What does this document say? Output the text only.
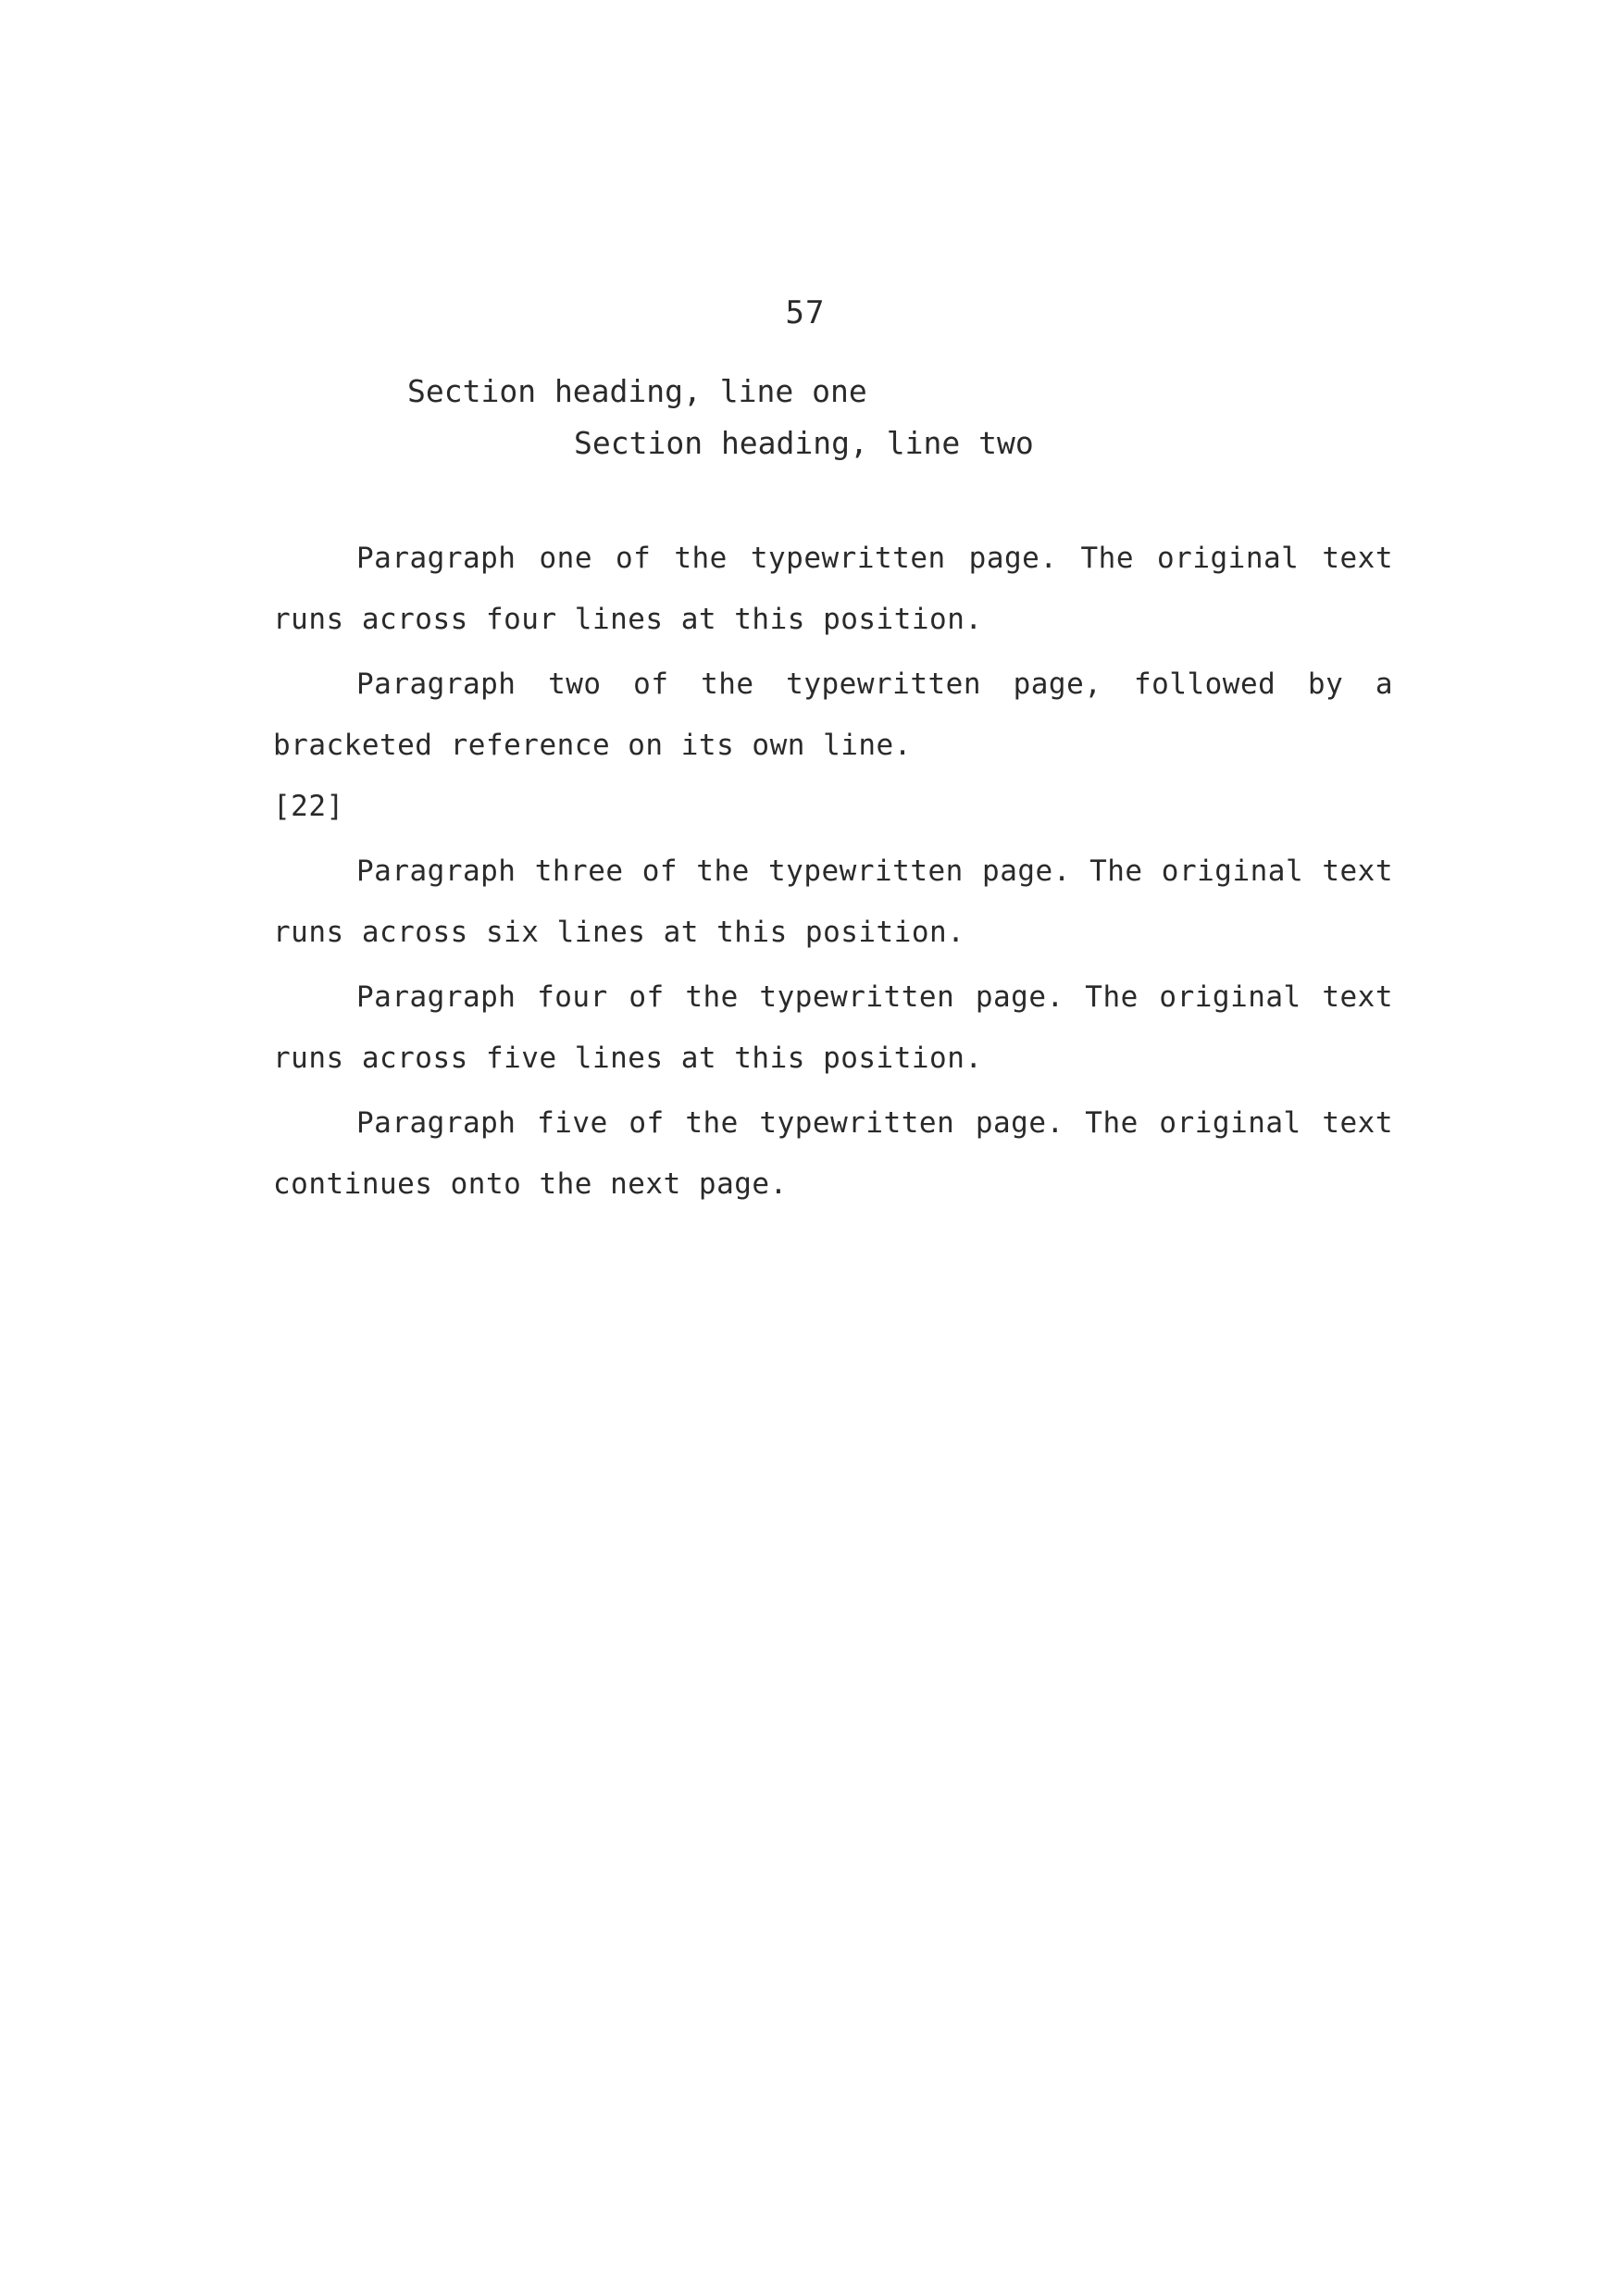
57
Section heading, line one
Section heading, line two

Paragraph one of the typewritten page. The original text runs across four lines at this position.

Paragraph two of the typewritten page, followed by a bracketed reference on its own line.
[22]

Paragraph three of the typewritten page. The original text runs across six lines at this position.

Paragraph four of the typewritten page. The original text runs across five lines at this position.

Paragraph five of the typewritten page. The original text continues onto the next page.
